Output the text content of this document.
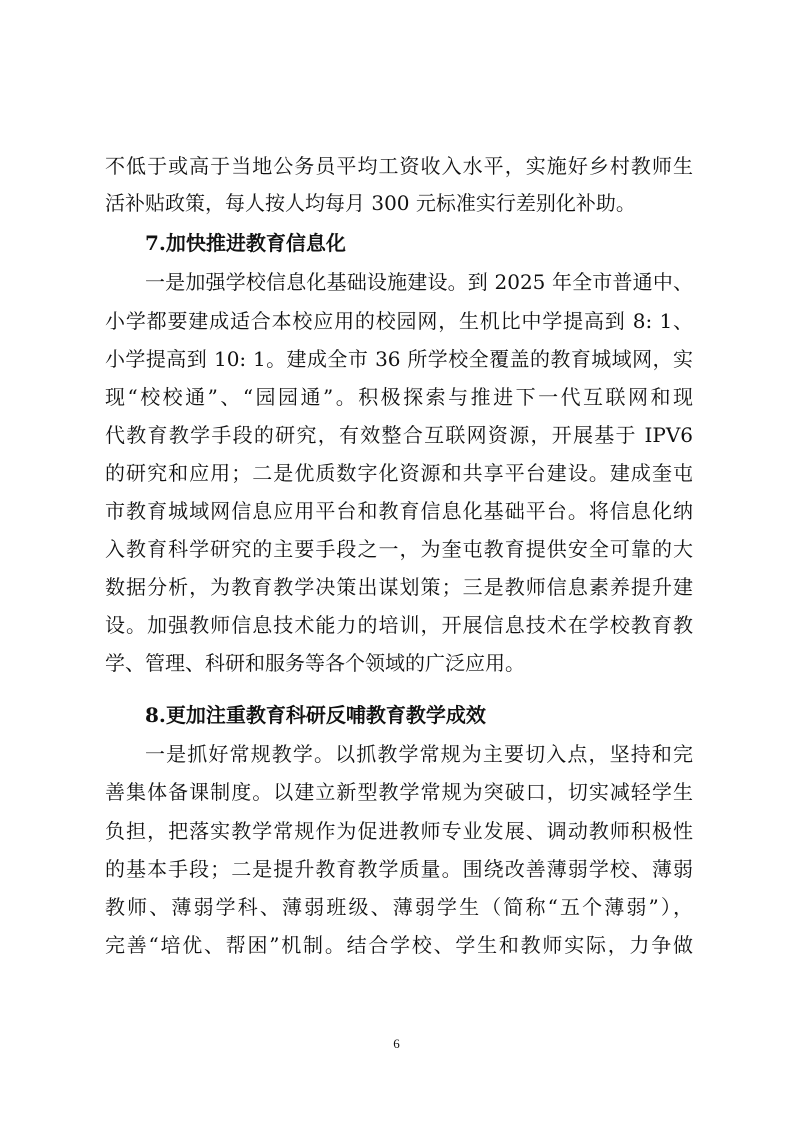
不低于或高于当地公务员平均工资收入水平，实施好乡村教师生
活补贴政策，每人按人均每月 300 元标准实行差别化补助。
7.加快推进教育信息化
一是加强学校信息化基础设施建设。到 2025 年全市普通中、
小学都要建成适合本校应用的校园网，生机比中学提高到 8: 1、
小学提高到 10: 1。建成全市 36 所学校全覆盖的教育城域网，实
现“校校通”、“园园通”。积极探索与推进下一代互联网和现
代教育教学手段的研究，有效整合互联网资源，开展基于 IPV6
的研究和应用；二是优质数字化资源和共享平台建设。建成奎屯
市教育城域网信息应用平台和教育信息化基础平台。将信息化纳
入教育科学研究的主要手段之一，为奎屯教育提供安全可靠的大
数据分析，为教育教学决策出谋划策；三是教师信息素养提升建
设。加强教师信息技术能力的培训，开展信息技术在学校教育教
学、管理、科研和服务等各个领域的广泛应用。
8.更加注重教育科研反哺教育教学成效
一是抓好常规教学。以抓教学常规为主要切入点，坚持和完
善集体备课制度。以建立新型教学常规为突破口，切实减轻学生
负担，把落实教学常规作为促进教师专业发展、调动教师积极性
的基本手段；二是提升教育教学质量。围绕改善薄弱学校、薄弱
教师、薄弱学科、薄弱班级、薄弱学生（简称“五个薄弱”），
完善“培优、帮困”机制。结合学校、学生和教师实际，力争做
6
